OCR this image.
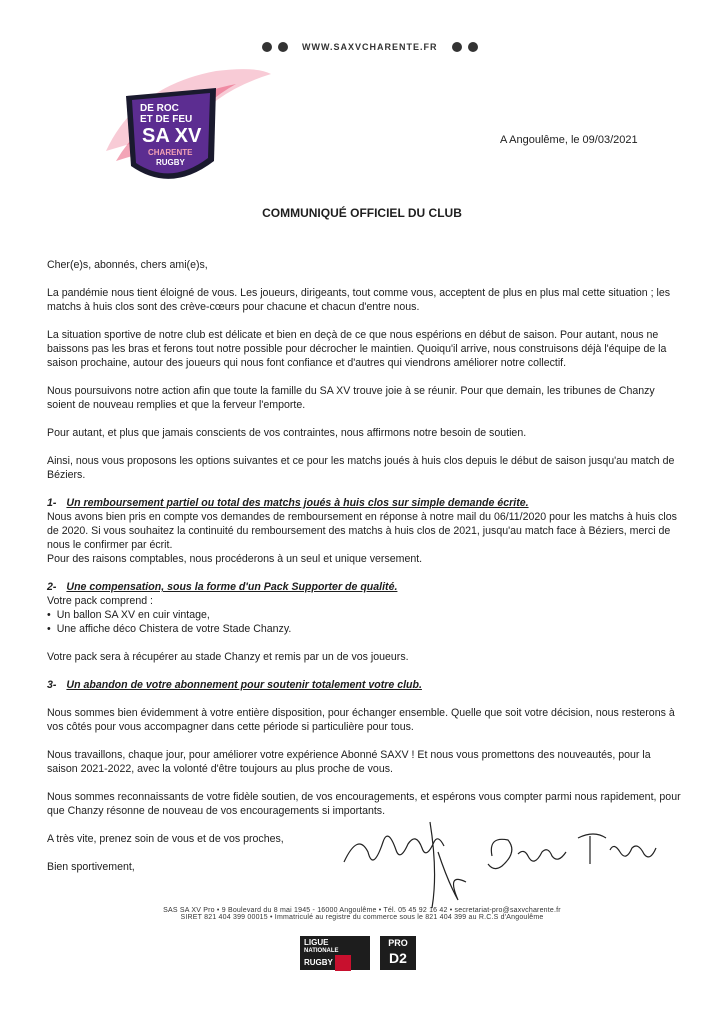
WWW.SAXVCHARENTE.FR
DE ROC
ET DE FEU
SA XV
CHARENTE
RUGBY
A Angoulême, le 09/03/2021
COMMUNIQUÉ OFFICIEL DU CLUB

Cher(e)s, abonnés, chers ami(e)s,

La pandémie nous tient éloigné de vous. Les joueurs, dirigeants, tout comme vous, acceptent de plus en plus mal cette situation ; les matchs à huis clos sont des crève-cœurs pour chacune et chacun d'entre nous.

La situation sportive de notre club est délicate et bien en deçà de ce que nous espérions en début de saison. Pour autant, nous ne baissons pas les bras et ferons tout notre possible pour décrocher le maintien. Quoiqu'il arrive, nous construisons déjà l'équipe de la saison prochaine, autour des joueurs qui nous font confiance et d'autres qui viendrons améliorer notre collectif.

Nous poursuivons notre action afin que toute la famille du SA XV trouve joie à se réunir. Pour que demain, les tribunes de Chanzy soient de nouveau remplies et que la ferveur l'emporte.

Pour autant, et plus que jamais conscients de vos contraintes, nous affirmons notre besoin de soutien.

Ainsi, nous vous proposons les options suivantes et ce pour les matchs joués à huis clos depuis le début de saison jusqu'au match de Béziers.

1- Un remboursement partiel ou total des matchs joués à huis clos sur simple demande écrite.
Nous avons bien pris en compte vos demandes de remboursement en réponse à notre mail du 06/11/2020 pour les matchs à huis clos de 2020. Si vous souhaitez la continuité du remboursement des matchs à huis clos de 2021, jusqu'au match face à Béziers, merci de nous le confirmer par écrit.
Pour des raisons comptables, nous procéderons à un seul et unique versement.
2- Une compensation, sous la forme d'un Pack Supporter de qualité.
Votre pack comprend :
• Un ballon SA XV en cuir vintage,
• Une affiche déco Chistera de votre Stade Chanzy.

Votre pack sera à récupérer au stade Chanzy et remis par un de vos joueurs.

3- Un abandon de votre abonnement pour soutenir totalement votre club.

Nous sommes bien évidemment à votre entière disposition, pour échanger ensemble. Quelle que soit votre décision, nous resterons à vos côtés pour vous accompagner dans cette période si particulière pour tous.

Nous travaillons, chaque jour, pour améliorer votre expérience Abonné SAXV ! Et nous vous promettons des nouveautés, pour la saison 2021-2022, avec la volonté d'être toujours au plus proche de vous.

Nous sommes reconnaissants de votre fidèle soutien, de vos encouragements, et espérons vous compter parmi nous rapidement, pour que Chanzy résonne de nouveau de vos encouragements si importants.

A très vite, prenez soin de vous et de vos proches,

Bien sportivement,

SAS SA XV Pro • 9 Boulevard du 8 mai 1945 - 16000 Angoulême • Tél. 05 45 92 16 42 • secretariat-pro@saxvcharente.fr
SIRET 821 404 399 00015 • Immatriculé au registre du commerce sous le 821 404 399 au R.C.S d'Angoulême
LIGUE
NATIONALE
RUGBY
PRO
D2
